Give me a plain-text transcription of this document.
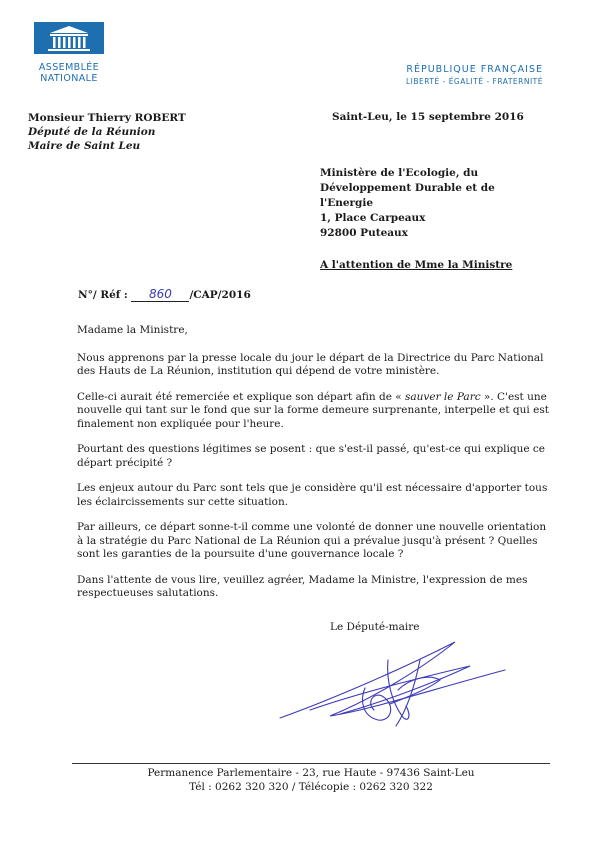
ASSEMBLÉE
NATIONALE
RÉPUBLIQUE FRANÇAISE
LIBERTÉ - ÉGALITÉ - FRATERNITÉ
Monsieur Thierry ROBERT
Député de la Réunion
Maire de Saint Leu
Saint-Leu, le 15 septembre 2016
Ministère de l'Ecologie, du
Développement Durable et de
l'Energie
1, Place Carpeaux
92800 Puteaux
A l'attention de Mme la Ministre
N°/ Réf : 860 /CAP/2016

Madame la Ministre,

Nous apprenons par la presse locale du jour le départ de la Directrice du Parc National des Hauts de La Réunion, institution qui dépend de votre ministère.

Celle-ci aurait été remerciée et explique son départ afin de « sauver le Parc ». C'est une nouvelle qui tant sur le fond que sur la forme demeure surprenante, interpelle et qui est finalement non expliquée pour l'heure.

Pourtant des questions légitimes se posent : que s'est-il passé, qu'est-ce qui explique ce départ précipité ?

Les enjeux autour du Parc sont tels que je considère qu'il est nécessaire d'apporter tous les éclaircissements sur cette situation.

Par ailleurs, ce départ sonne-t-il comme une volonté de donner une nouvelle orientation à la stratégie du Parc National de La Réunion qui a prévalue jusqu'à présent ? Quelles sont les garanties de la poursuite d'une gouvernance locale ?

Dans l'attente de vous lire, veuillez agréer, Madame la Ministre, l'expression de mes respectueuses salutations.

Le Député-maire
Permanence Parlementaire - 23, rue Haute - 97436 Saint-Leu
Tél : 0262 320 320 / Télécopie : 0262 320 322
